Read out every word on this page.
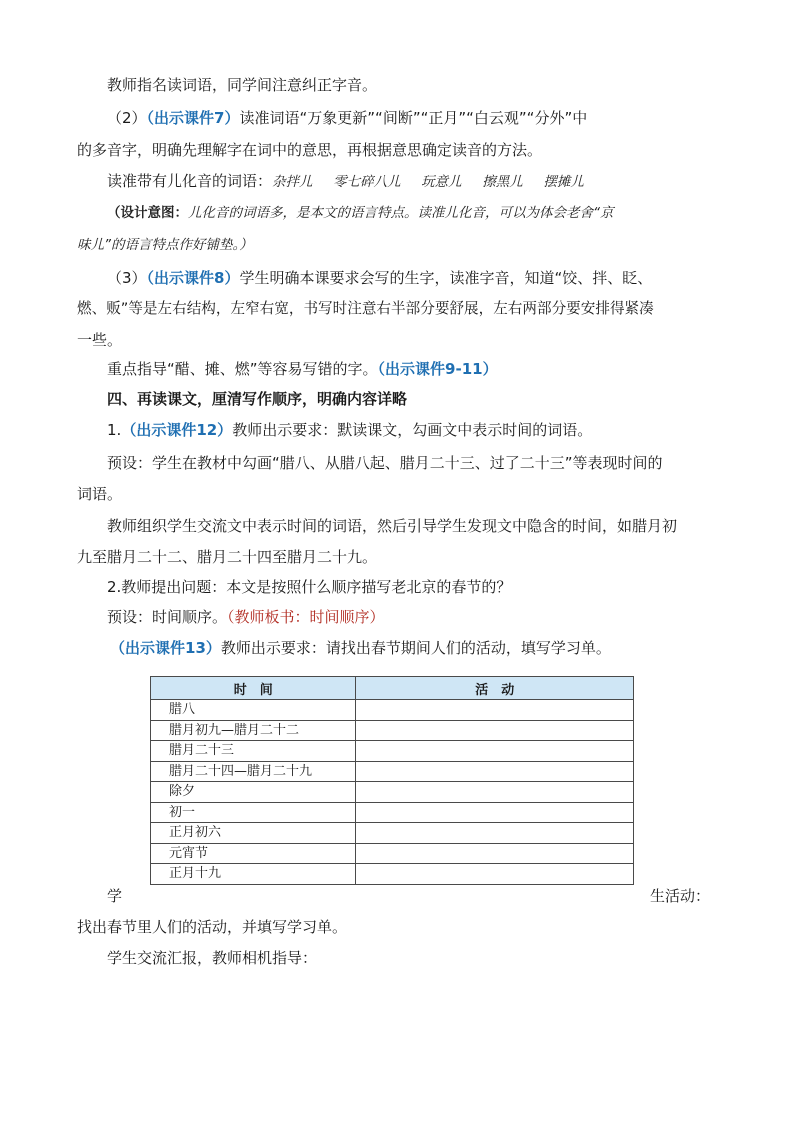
教师指名读词语，同学间注意纠正字音。
（2）（出示课件7）读准词语“万象更新”“间断”“正月”“白云观”“分外”中
的多音字，明确先理解字在词中的意思，再根据意思确定读音的方法。
读准带有儿化音的词语：杂拌儿  零七碎八儿  玩意儿  擦黑儿  摆摊儿
（设计意图：儿化音的词语多，是本文的语言特点。读准儿化音，可以为体会老舍“京
味儿”的语言特点作好铺垫。）
（3）（出示课件8）学生明确本课要求会写的生字，读准字音，知道“饺、拌、眨、
燃、贩”等是左右结构，左窄右宽，书写时注意右半部分要舒展，左右两部分要安排得紧凑
一些。
重点指导“醋、摊、燃”等容易写错的字。（出示课件9-11）
四、再读课文，厘清写作顺序，明确内容详略
1.（出示课件12）教师出示要求：默读课文，勾画文中表示时间的词语。
预设：学生在教材中勾画“腊八、从腊八起、腊月二十三、过了二十三”等表现时间的
词语。
教师组织学生交流文中表示时间的词语，然后引导学生发现文中隐含的时间，如腊月初
九至腊月二十二、腊月二十四至腊月二十九。
2.教师提出问题：本文是按照什么顺序描写老北京的春节的？
预设：时间顺序。（教师板书：时间顺序）
（出示课件13）教师出示要求：请找出春节期间人们的活动，填写学习单。
时　间	活　动
腊八	
腊月初九—腊月二十二	
腊月二十三	
腊月二十四—腊月二十九	
除夕	
初一	
正月初六	
元宵节	
正月十九	
学	生活动：
找出春节里人们的活动，并填写学习单。
学生交流汇报，教师相机指导：
